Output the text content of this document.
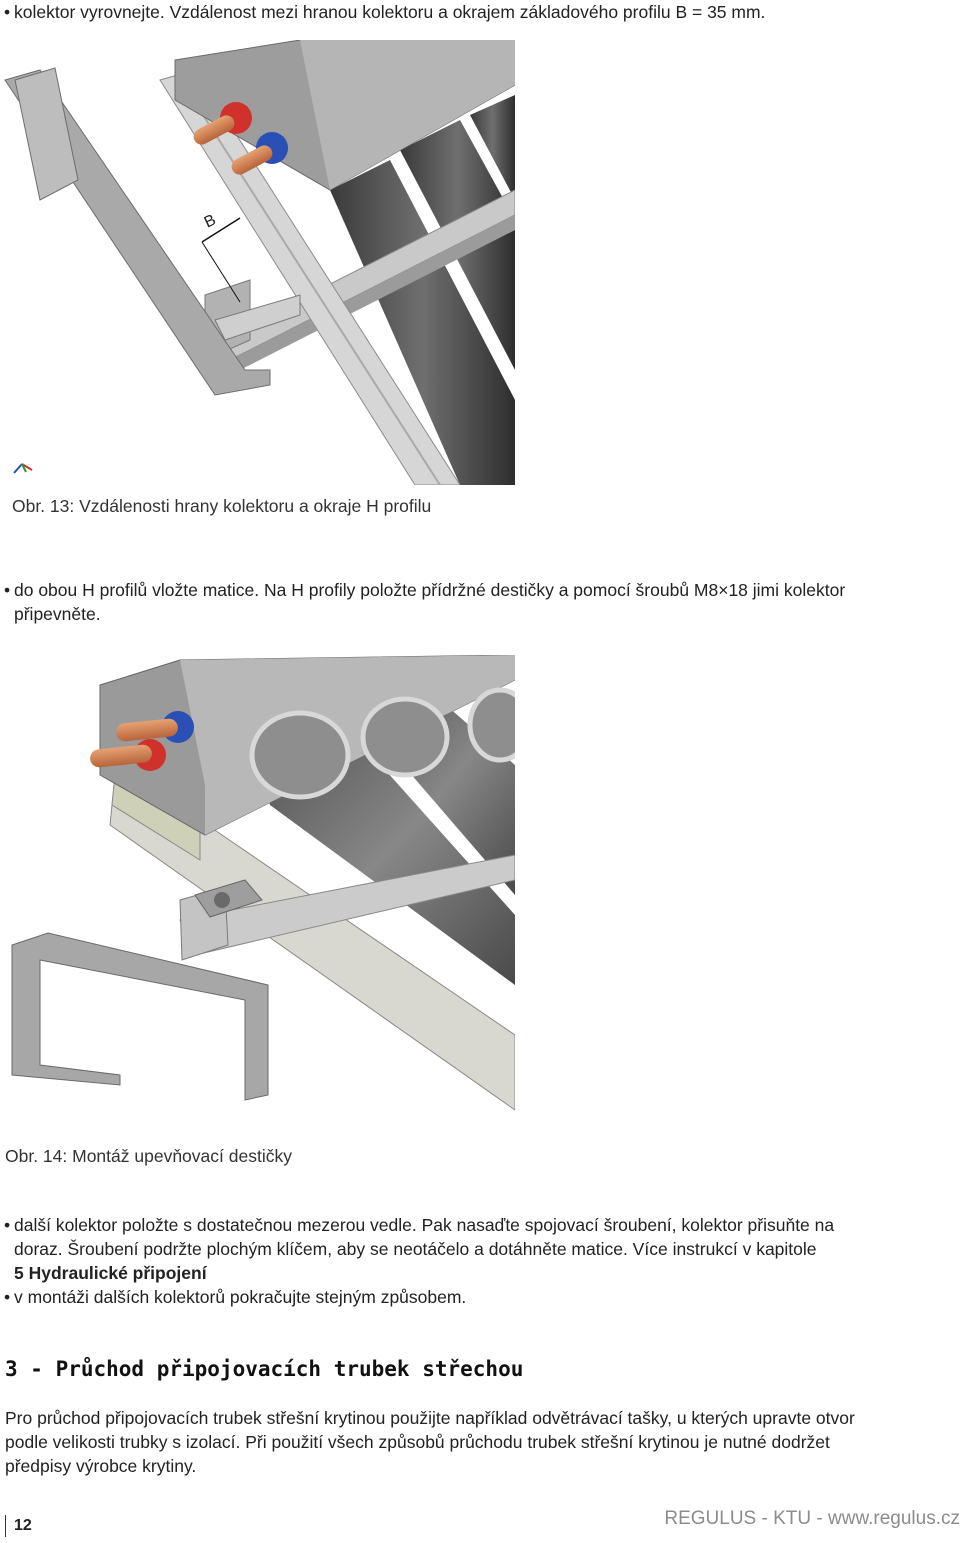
• kolektor vyrovnejte. Vzdálenost mezi hranou kolektoru a okrajem základového profilu B = 35 mm.
B
Obr. 13: Vzdálenosti hrany kolektoru a okraje H profilu
• do obou H profilů vložte matice. Na H profily položte přídržné destičky a pomocí šroubů M8×18 jimi kolektor
připevněte.
Obr. 14: Montáž upevňovací destičky
• další kolektor položte s dostatečnou mezerou vedle. Pak nasaďte spojovací šroubení, kolektor přisuňte na
doraz. Šroubení podržte plochým klíčem, aby se neotáčelo a dotáhněte matice. Více instrukcí v kapitole
5 Hydraulické připojení
• v montáži dalších kolektorů pokračujte stejným způsobem.
3 - Průchod připojovacích trubek střechou
Pro průchod připojovacích trubek střešní krytinou použijte například odvětrávací tašky, u kterých upravte otvor
podle velikosti trubky s izolací. Při použití všech způsobů průchodu trubek střešní krytinou je nutné dodržet
předpisy výrobce krytiny.
12	REGULUS - KTU - www.regulus.cz
